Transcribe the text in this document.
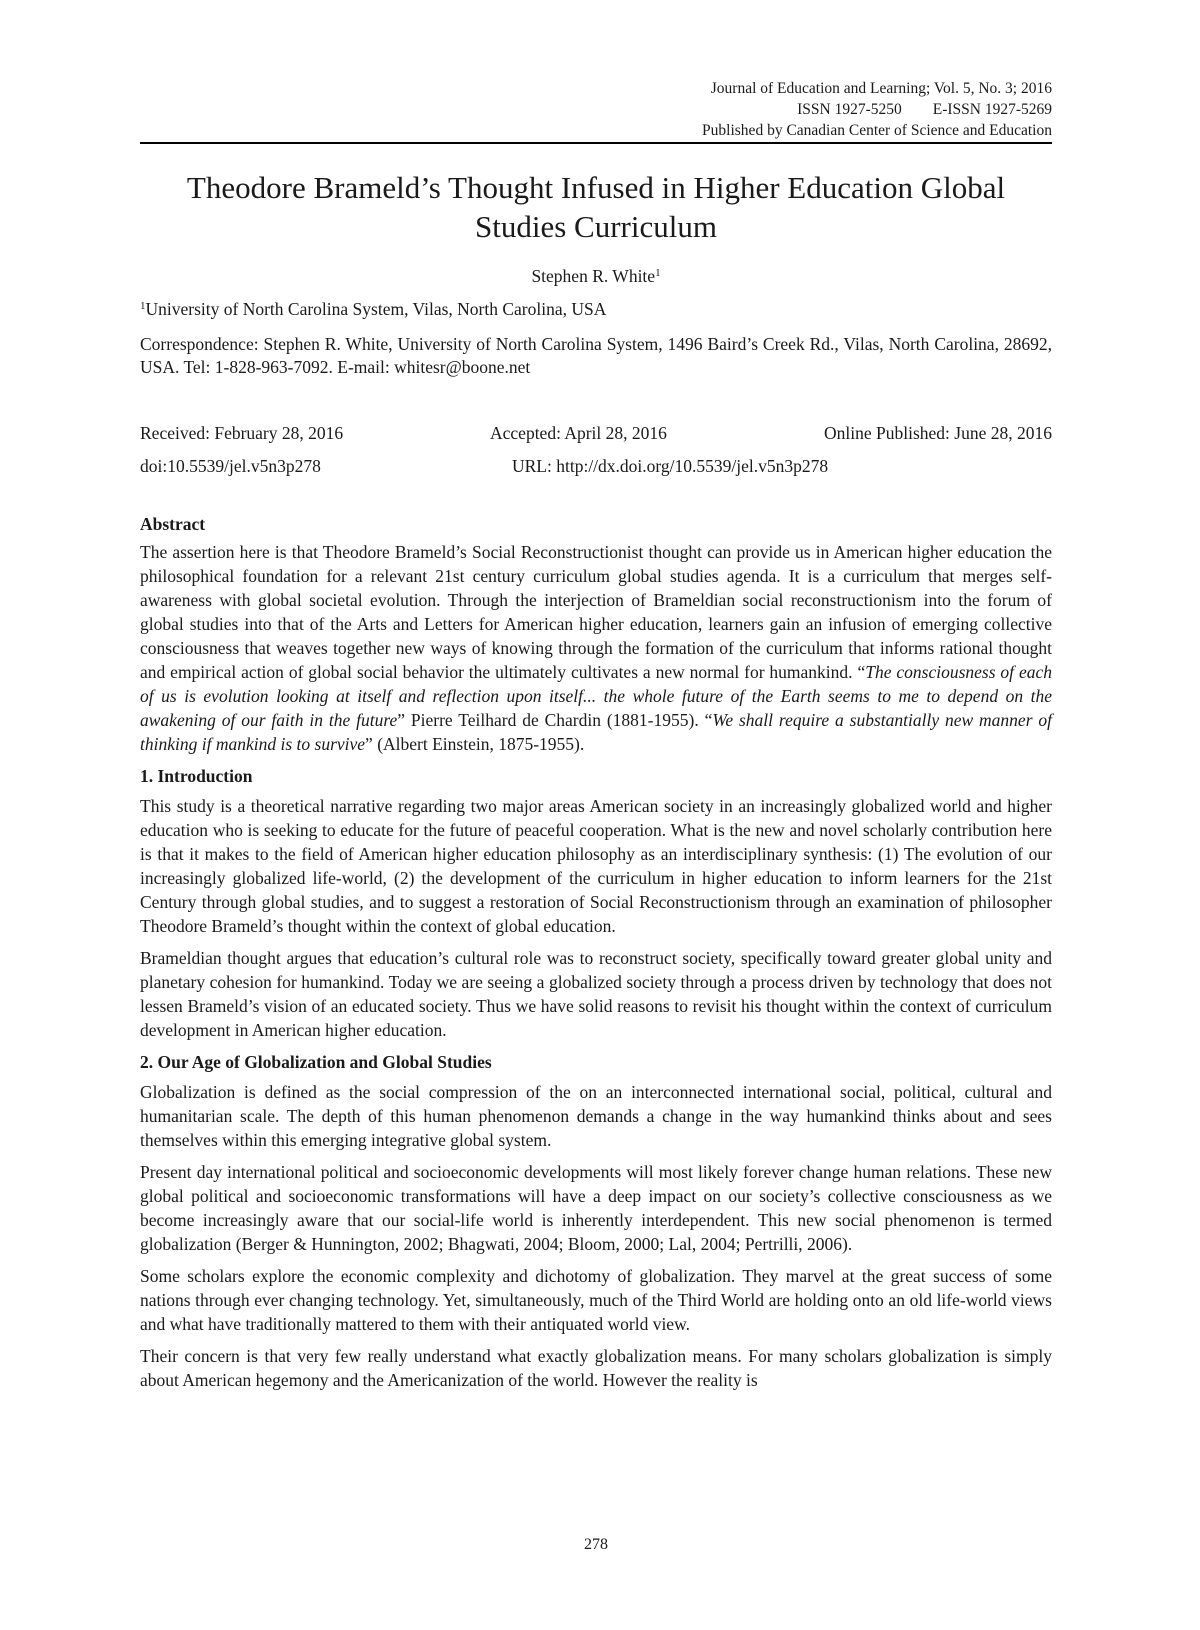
Journal of Education and Learning; Vol. 5, No. 3; 2016
ISSN 1927-5250        E-ISSN 1927-5269
Published by Canadian Center of Science and Education
Theodore Brameld’s Thought Infused in Higher Education Global Studies Curriculum
Stephen R. White$^1$
$^1$University of North Carolina System, Vilas, North Carolina, USA
Correspondence: Stephen R. White, University of North Carolina System, 1496 Baird’s Creek Rd., Vilas, North Carolina, 28692, USA. Tel: 1-828-963-7092. E-mail: whitesr@boone.net
Received: February 28, 2016	Accepted: April 28, 2016	Online Published: June 28, 2016
doi:10.5539/jel.v5n3p278	URL: http://dx.doi.org/10.5539/jel.v5n3p278
Abstract

The assertion here is that Theodore Brameld’s Social Reconstructionist thought can provide us in American higher education the philosophical foundation for a relevant 21st century curriculum global studies agenda. It is a curriculum that merges self-awareness with global societal evolution. Through the interjection of Brameldian social reconstructionism into the forum of global studies into that of the Arts and Letters for American higher education, learners gain an infusion of emerging collective consciousness that weaves together new ways of knowing through the formation of the curriculum that informs rational thought and empirical action of global social behavior the ultimately cultivates a new normal for humankind. “The consciousness of each of us is evolution looking at itself and reflection upon itself... the whole future of the Earth seems to me to depend on the awakening of our faith in the future” Pierre Teilhard de Chardin (1881-1955). “We shall require a substantially new manner of thinking if mankind is to survive” (Albert Einstein, 1875-1955).

1. Introduction

This study is a theoretical narrative regarding two major areas American society in an increasingly globalized world and higher education who is seeking to educate for the future of peaceful cooperation. What is the new and novel scholarly contribution here is that it makes to the field of American higher education philosophy as an interdisciplinary synthesis: (1) The evolution of our increasingly globalized life-world, (2) the development of the curriculum in higher education to inform learners for the 21st Century through global studies, and to suggest a restoration of Social Reconstructionism through an examination of philosopher Theodore Brameld’s thought within the context of global education.

Brameldian thought argues that education’s cultural role was to reconstruct society, specifically toward greater global unity and planetary cohesion for humankind. Today we are seeing a globalized society through a process driven by technology that does not lessen Brameld’s vision of an educated society. Thus we have solid reasons to revisit his thought within the context of curriculum development in American higher education.

2. Our Age of Globalization and Global Studies

Globalization is defined as the social compression of the on an interconnected international social, political, cultural and humanitarian scale. The depth of this human phenomenon demands a change in the way humankind thinks about and sees themselves within this emerging integrative global system.

Present day international political and socioeconomic developments will most likely forever change human relations. These new global political and socioeconomic transformations will have a deep impact on our society’s collective consciousness as we become increasingly aware that our social-life world is inherently interdependent. This new social phenomenon is termed globalization (Berger & Hunnington, 2002; Bhagwati, 2004; Bloom, 2000; Lal, 2004; Pertrilli, 2006).

Some scholars explore the economic complexity and dichotomy of globalization. They marvel at the great success of some nations through ever changing technology. Yet, simultaneously, much of the Third World are holding onto an old life-world views and what have traditionally mattered to them with their antiquated world view.

Their concern is that very few really understand what exactly globalization means. For many scholars globalization is simply about American hegemony and the Americanization of the world. However the reality is

278
